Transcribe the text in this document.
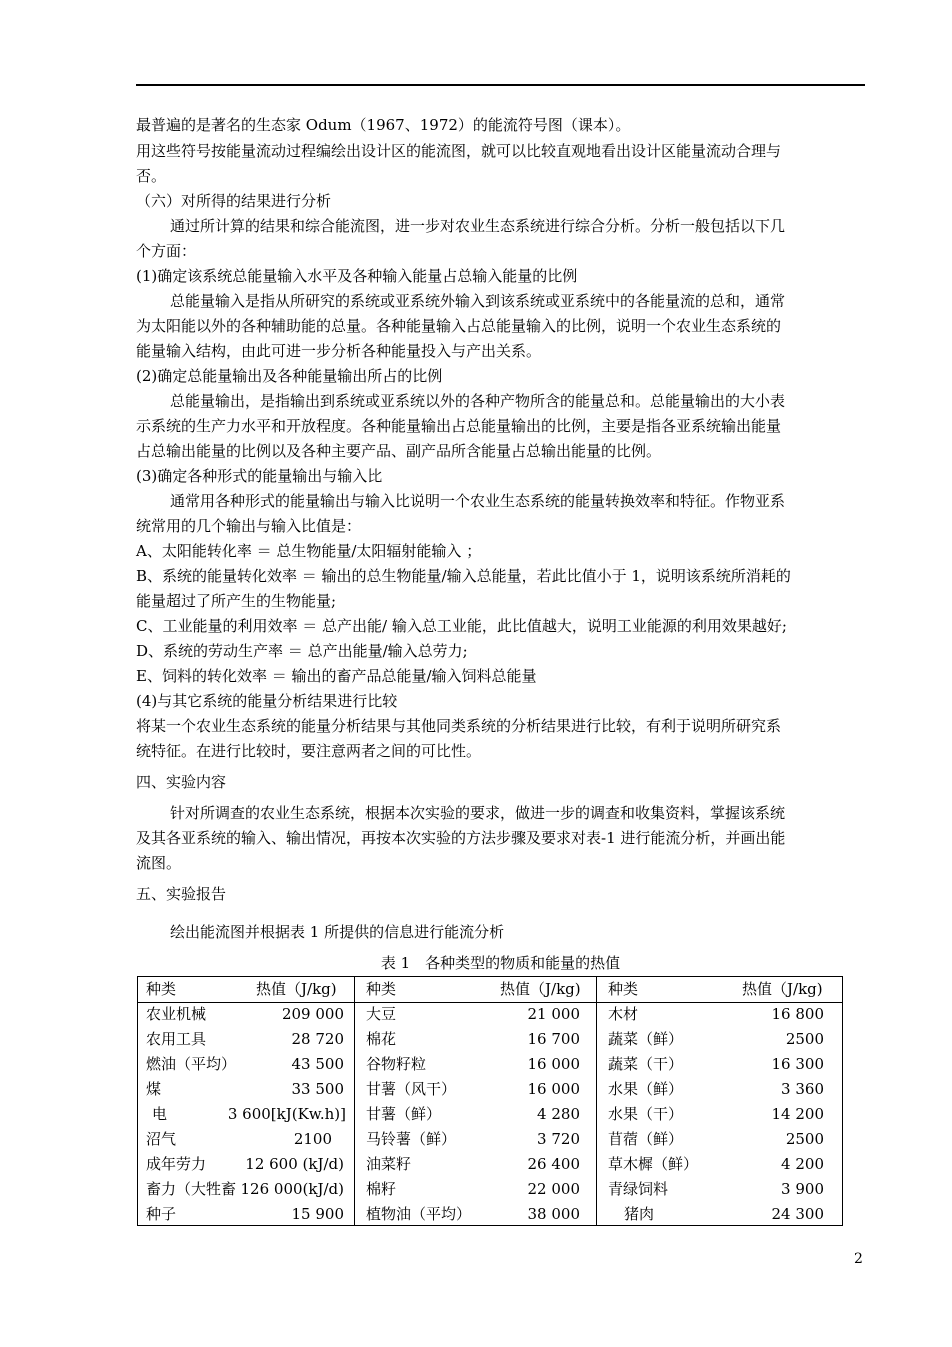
最普遍的是著名的生态家 Odum（1967、1972）的能流符号图（课本）。
用这些符号按能量流动过程编绘出设计区的能流图，就可以比较直观地看出设计区能量流动合理与
否。
（六）对所得的结果进行分析
通过所计算的结果和综合能流图，进一步对农业生态系统进行综合分析。分析一般包括以下几
个方面：
(1)确定该系统总能量输入水平及各种输入能量占总输入能量的比例
总能量输入是指从所研究的系统或亚系统外输入到该系统或亚系统中的各能量流的总和，通常
为太阳能以外的各种辅助能的总量。各种能量输入占总能量输入的比例，说明一个农业生态系统的
能量输入结构，由此可进一步分析各种能量投入与产出关系。
(2)确定总能量输出及各种能量输出所占的比例
总能量输出，是指输出到系统或亚系统以外的各种产物所含的能量总和。总能量输出的大小表
示系统的生产力水平和开放程度。各种能量输出占总能量输出的比例，主要是指各亚系统输出能量
占总输出能量的比例以及各种主要产品、副产品所含能量占总输出能量的比例。
(3)确定各种形式的能量输出与输入比
通常用各种形式的能量输出与输入比说明一个农业生态系统的能量转换效率和特征。作物亚系
统常用的几个输出与输入比值是：
A、太阳能转化率 ＝ 总生物能量/太阳辐射能输入 ；
B、系统的能量转化效率 ＝ 输出的总生物能量/输入总能量，若此比值小于 1，说明该系统所消耗的
能量超过了所产生的生物能量;
C、工业能量的利用效率 ＝ 总产出能/ 输入总工业能，此比值越大，说明工业能源的利用效果越好;
D、系统的劳动生产率 ＝ 总产出能量/输入总劳力;
E、饲料的转化效率 ＝ 输出的畜产品总能量/输入饲料总能量
(4)与其它系统的能量分析结果进行比较
将某一个农业生态系统的能量分析结果与其他同类系统的分析结果进行比较，有利于说明所研究系
统特征。在进行比较时，要注意两者之间的可比性。
四、实验内容
针对所调查的农业生态系统，根据本次实验的要求，做进一步的调查和收集资料，掌握该系统
及其各亚系统的输入、输出情况，再按本次实验的方法步骤及要求对表-1 进行能流分析，并画出能
流图。
五、实验报告
绘出能流图并根据表 1 所提供的信息进行能流分析
表 1　各种类型的物质和能量的热值
种类	热值（J/kg) 种类	热值（J/kg) 种类	热值（J/kg)
农业机械	209 000 大豆	21 000 木材	16 800
农用工具	28 720 棉花	16 700 蔬菜（鲜）	2500
燃油（平均）	43 500 谷物籽粒	16 000 蔬菜（干）	16 300
煤	33 500 甘薯（风干）	16 000 水果（鲜）	3 360
电	3 600[kJ(Kw.h)] 甘薯（鲜）	4 280 水果（干）	14 200
沼气	2100 马铃薯（鲜）	3 720 苜蓿（鲜）	2500
成年劳力	12 600 (kJ/d) 油菜籽	26 400 草木樨（鲜）	4 200
畜力（大牲畜 126 000(kJ/d) 棉籽	22 000 青绿饲料	3 900
种子	15 900 植物油（平均）	38 000	猪肉	24 300
2
